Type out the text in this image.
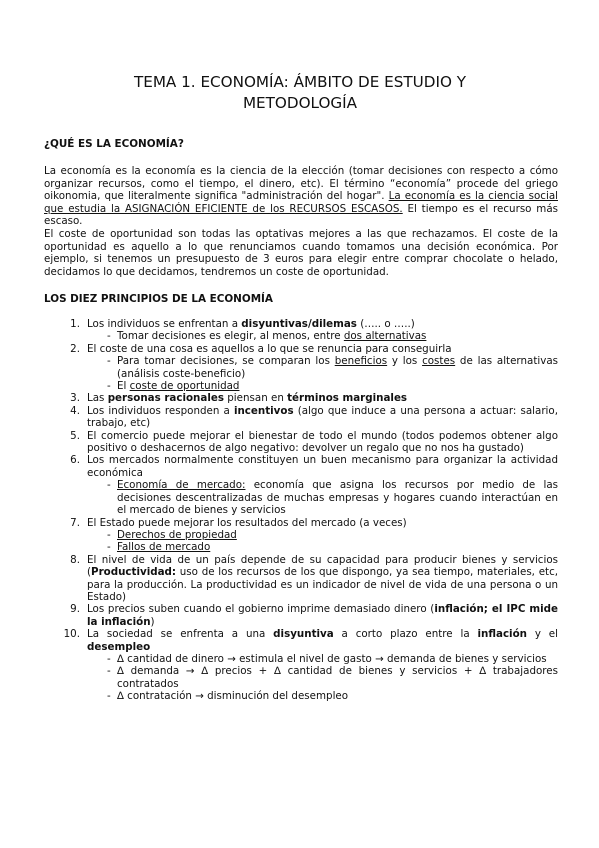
TEMA 1. ECONOMÍA: ÁMBITO DE ESTUDIO Y
METODOLOGÍA
¿QUÉ ES LA ECONOMÍA?

La economía es la economía es la ciencia de la elección (tomar decisiones con respecto a cómo organizar recursos, como el tiempo, el dinero, etc). El término “economía” procede del griego oikonomia, que literalmente significa "administración del hogar". La economía es la ciencia social que estudia la ASIGNACIÓN EFICIENTE de los RECURSOS ESCASOS. El tiempo es el recurso más escaso.

El coste de oportunidad son todas las optativas mejores a las que rechazamos. El coste de la oportunidad es aquello a lo que renunciamos cuando tomamos una decisión económica. Por ejemplo, si tenemos un presupuesto de 3 euros para elegir entre comprar chocolate o helado, decidamos lo que decidamos, tendremos un coste de oportunidad.

LOS DIEZ PRINCIPIOS DE LA ECONOMÍA
1. Los individuos se enfrentan a disyuntivas/dilemas (….. o …..)
- Tomar decisiones es elegir, al menos, entre dos alternativas
2. El coste de una cosa es aquellos a lo que se renuncia para conseguirla
- Para tomar decisiones, se comparan los beneficios y los costes de las alternativas (análisis coste-beneficio)
- El coste de oportunidad
3. Las personas racionales piensan en términos marginales
4. Los individuos responden a incentivos (algo que induce a una persona a actuar: salario, trabajo, etc)
5. El comercio puede mejorar el bienestar de todo el mundo (todos podemos obtener algo positivo o deshacernos de algo negativo: devolver un regalo que no nos ha gustado)
6. Los mercados normalmente constituyen un buen mecanismo para organizar la actividad económica
- Economía de mercado: economía que asigna los recursos por medio de las decisiones descentralizadas de muchas empresas y hogares cuando interactúan en el mercado de bienes y servicios
7. El Estado puede mejorar los resultados del mercado (a veces)
- Derechos de propiedad
- Fallos de mercado
8. El nivel de vida de un país depende de su capacidad para producir bienes y servicios (Productividad: uso de los recursos de los que dispongo, ya sea tiempo, materiales, etc, para la producción. La productividad es un indicador de nivel de vida de una persona o un Estado)
9. Los precios suben cuando el gobierno imprime demasiado dinero (inflación; el IPC mide la inflación)
10. La sociedad se enfrenta a una disyuntiva a corto plazo entre la inflación y el desempleo
- ∆ cantidad de dinero → estimula el nivel de gasto → demanda de bienes y servicios
- ∆ demanda → ∆ precios + ∆ cantidad de bienes y servicios + ∆ trabajadores contratados
- ∆ contratación → disminución del desempleo
